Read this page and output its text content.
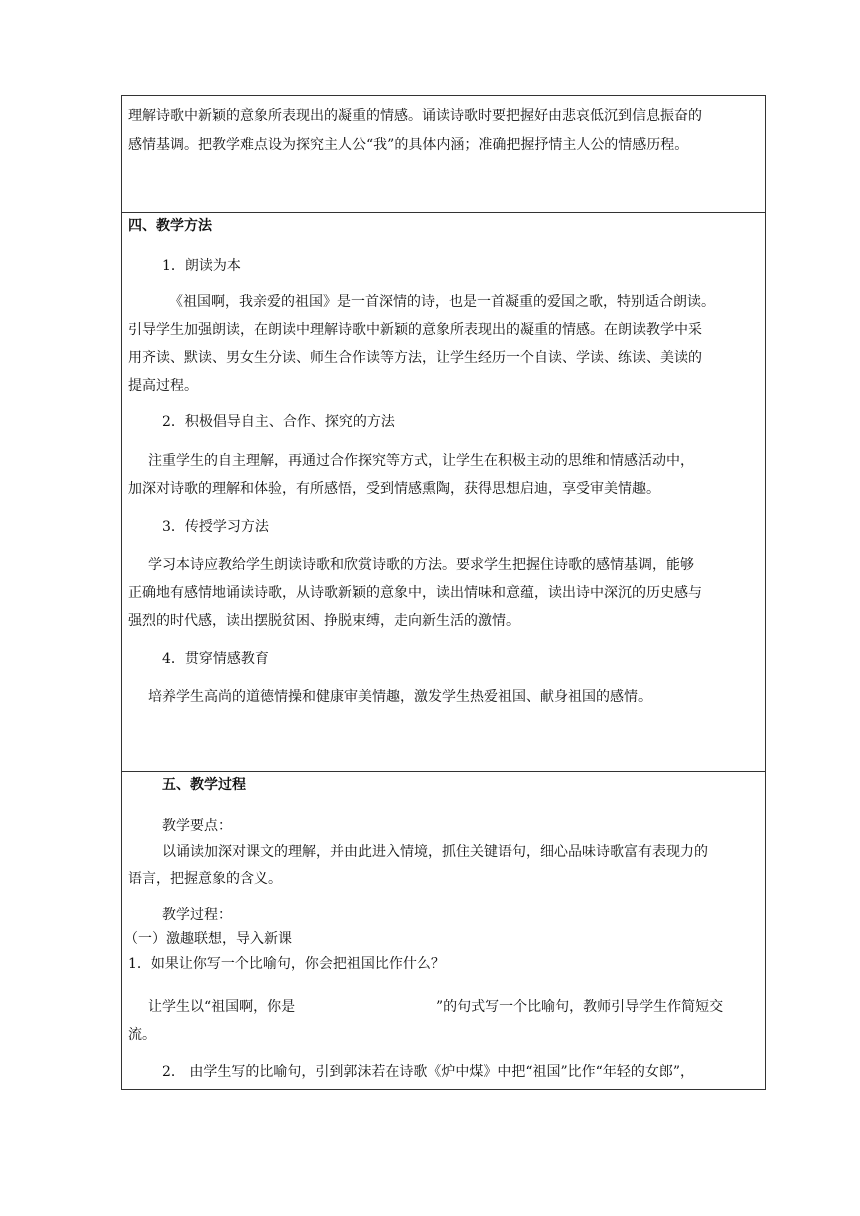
理解诗歌中新颖的意象所表现出的凝重的情感。诵读诗歌时要把握好由悲哀低沉到信息振奋的
感情基调。把教学难点设为探究主人公“我”的具体内涵；准确把握抒情主人公的情感历程。
四、教学方法
1．朗读为本
《祖国啊，我亲爱的祖国》是一首深情的诗，也是一首凝重的爱国之歌，特别适合朗读。
引导学生加强朗读，在朗读中理解诗歌中新颖的意象所表现出的凝重的情感。在朗读教学中采
用齐读、默读、男女生分读、师生合作读等方法，让学生经历一个自读、学读、练读、美读的
提高过程。
2．积极倡导自主、合作、探究的方法
注重学生的自主理解，再通过合作探究等方式，让学生在积极主动的思维和情感活动中，
加深对诗歌的理解和体验，有所感悟，受到情感熏陶，获得思想启迪，享受审美情趣。
3．传授学习方法
学习本诗应教给学生朗读诗歌和欣赏诗歌的方法。要求学生把握住诗歌的感情基调，能够
正确地有感情地诵读诗歌，从诗歌新颖的意象中，读出情味和意蕴，读出诗中深沉的历史感与
强烈的时代感，读出摆脱贫困、挣脱束缚，走向新生活的激情。
4．贯穿情感教育
培养学生高尚的道德情操和健康审美情趣，激发学生热爱祖国、献身祖国的感情。
五、教学过程
教学要点：
以诵读加深对课文的理解，并由此进入情境，抓住关键语句，细心品味诗歌富有表现力的
语言，把握意象的含义。
教学过程：
（一）激趣联想，导入新课
1．如果让你写一个比喻句，你会把祖国比作什么？
让学生以“祖国啊，你是	”的句式写一个比喻句，教师引导学生作简短交
流。
2． 由学生写的比喻句，引到郭沫若在诗歌《炉中煤》中把“祖国”比作“年轻的女郎”，
